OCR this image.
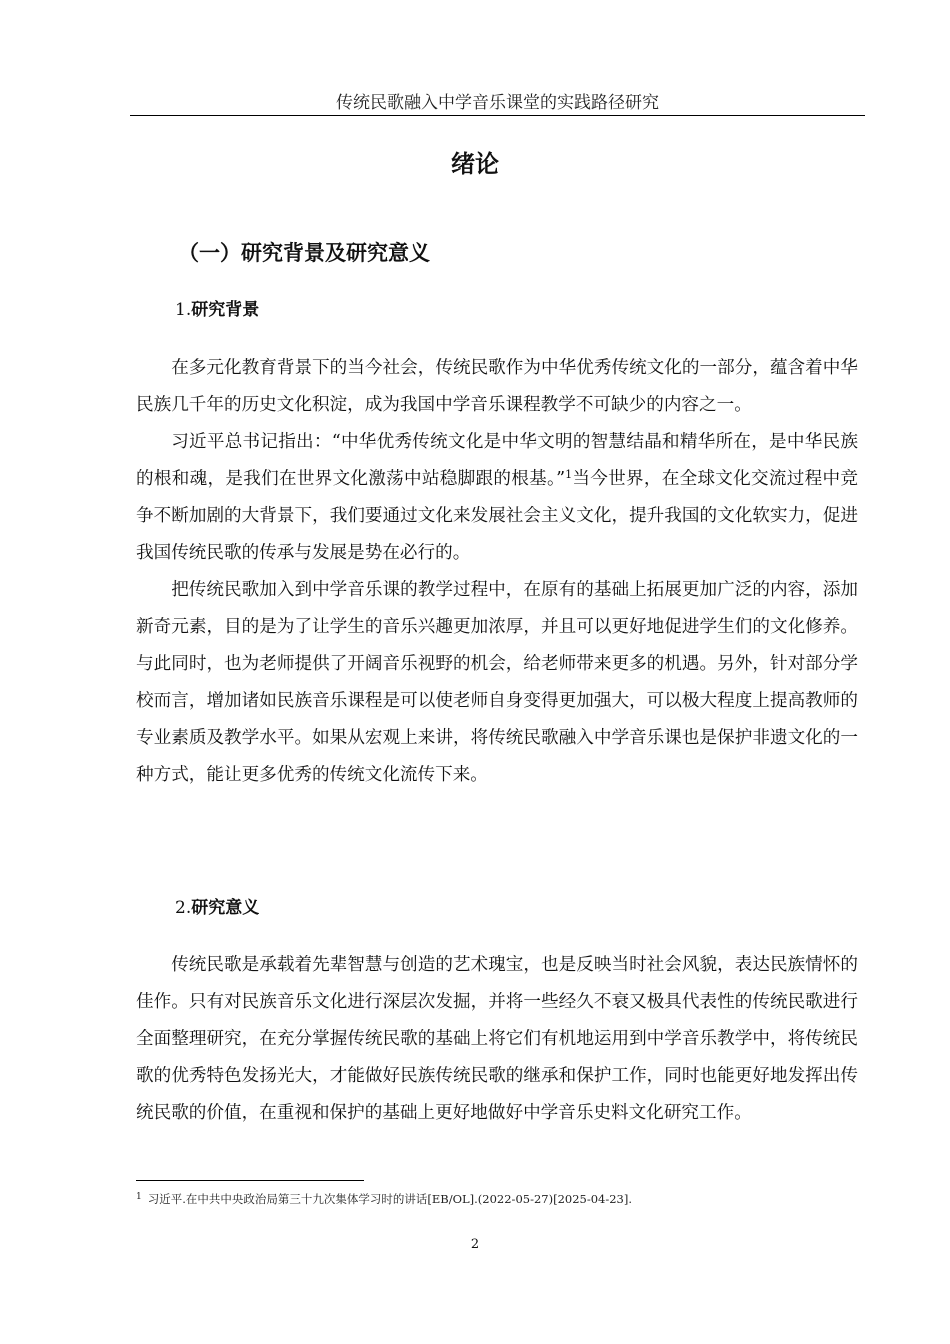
传统民歌融入中学音乐课堂的实践路径研究
绪论
（一）研究背景及研究意义
1.研究背景

在多元化教育背景下的当今社会，传统民歌作为中华优秀传统文化的一部分，蕴含着中华民族几千年的历史文化积淀，成为我国中学音乐课程教学不可缺少的内容之一。

习近平总书记指出：“中华优秀传统文化是中华文明的智慧结晶和精华所在，是中华民族的根和魂，是我们在世界文化激荡中站稳脚跟的根基。”$^1$当今世界，在全球文化交流过程中竞争不断加剧的大背景下，我们要通过文化来发展社会主义文化，提升我国的文化软实力，促进我国传统民歌的传承与发展是势在必行的。

把传统民歌加入到中学音乐课的教学过程中，在原有的基础上拓展更加广泛的内容，添加新奇元素，目的是为了让学生的音乐兴趣更加浓厚，并且可以更好地促进学生们的文化修养。与此同时，也为老师提供了开阔音乐视野的机会，给老师带来更多的机遇。另外，针对部分学校而言，增加诸如民族音乐课程是可以使老师自身变得更加强大，可以极大程度上提高教师的专业素质及教学水平。如果从宏观上来讲，将传统民歌融入中学音乐课也是保护非遗文化的一种方式，能让更多优秀的传统文化流传下来。

2.研究意义

传统民歌是承载着先辈智慧与创造的艺术瑰宝，也是反映当时社会风貌，表达民族情怀的佳作。只有对民族音乐文化进行深层次发掘，并将一些经久不衰又极具代表性的传统民歌进行全面整理研究，在充分掌握传统民歌的基础上将它们有机地运用到中学音乐教学中，将传统民歌的优秀特色发扬光大，才能做好民族传统民歌的继承和保护工作，同时也能更好地发挥出传统民歌的价值，在重视和保护的基础上更好地做好中学音乐史料文化研究工作。

$^1$ 习近平.在中共中央政治局第三十九次集体学习时的讲话[EB/OL].(2022-05-27)[2025-04-23].
2
